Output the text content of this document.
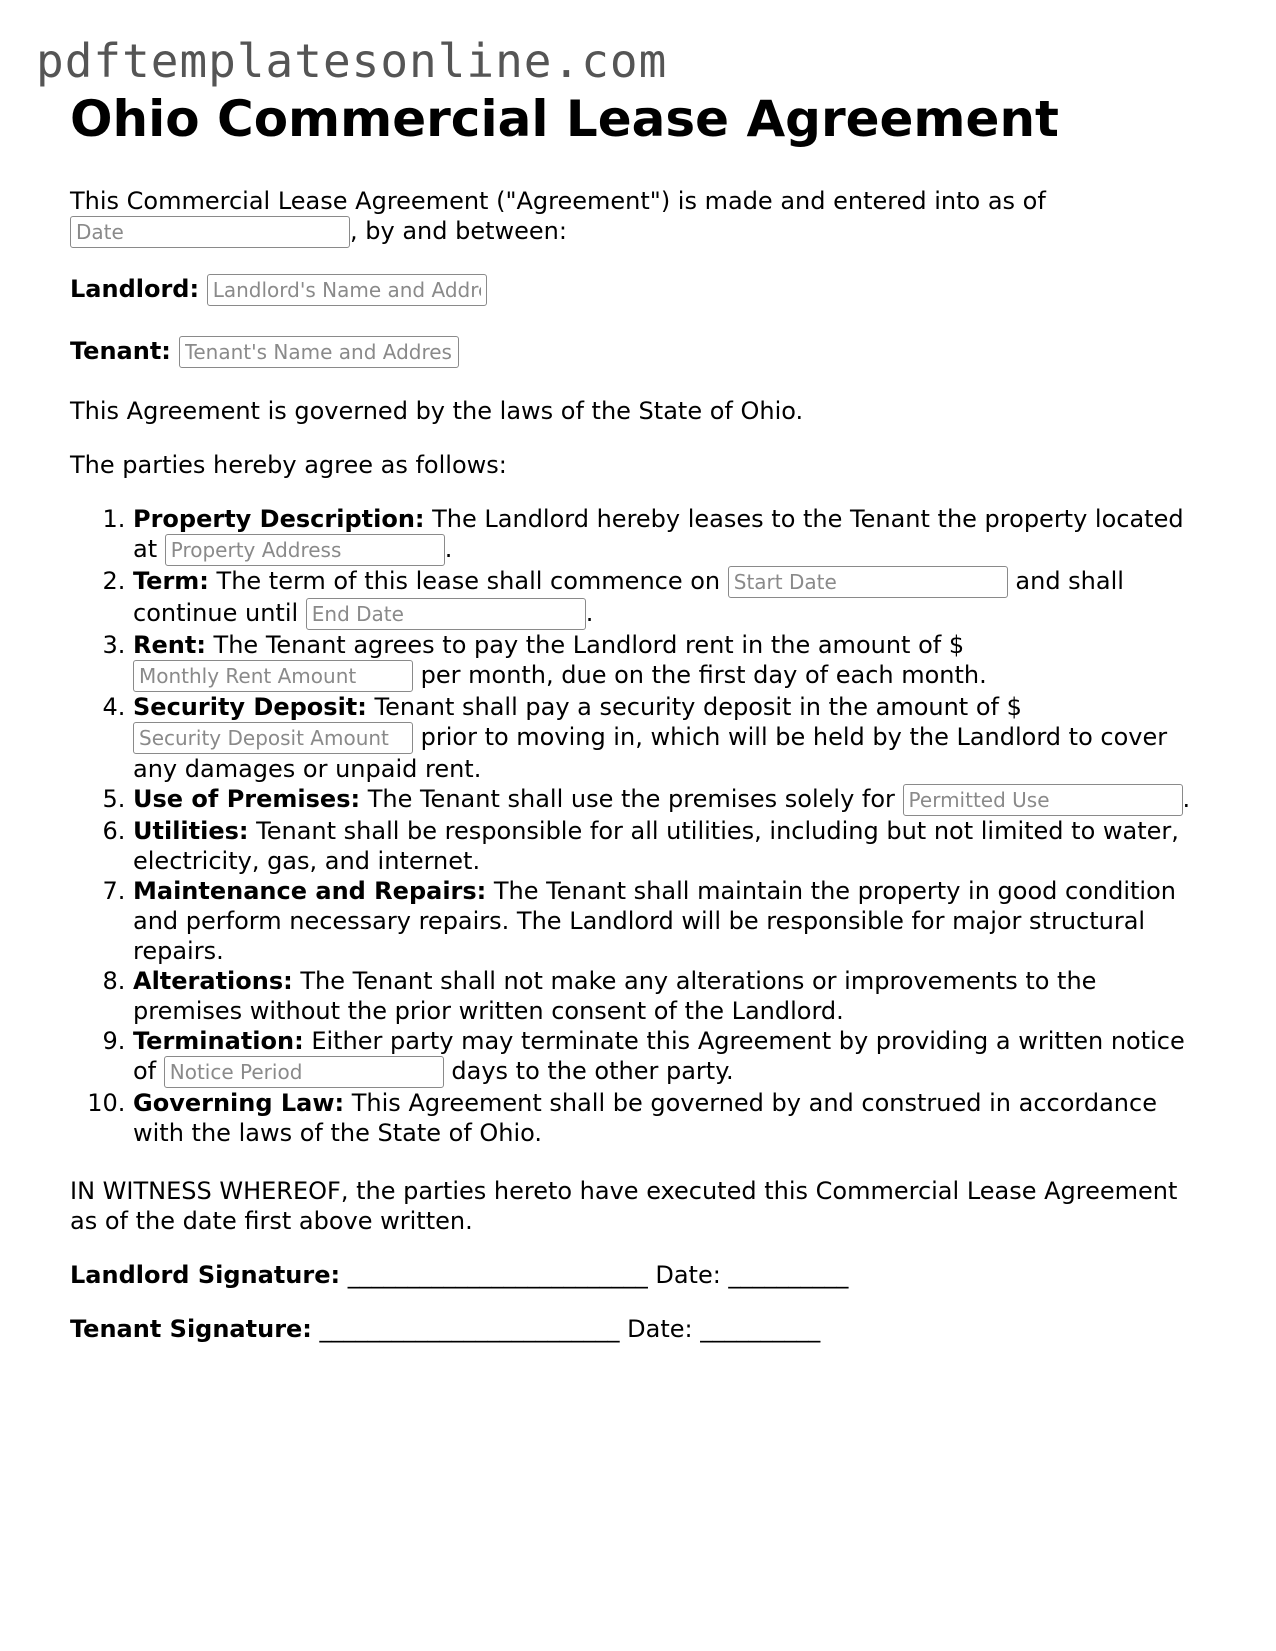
pdftemplatesonline.com
Ohio Commercial Lease Agreement

This Commercial Lease Agreement ("Agreement") is made and entered into as of
Date, by and between:

Landlord: Landlord's Name and Address
Tenant: Tenant's Name and Address

This Agreement is governed by the laws of the State of Ohio.

The parties hereby agree as follows:

1. Property Description: The Landlord hereby leases to the Tenant the property located at Property Address	.
2. Term: The term of this lease shall commence on Start Date	and shall continue until End Date	.
3. Rent: The Tenant agrees to pay the Landlord rent in the amount of $ Monthly Rent Amount per month, due on the first day of each month.
4. Security Deposit: Tenant shall pay a security deposit in the amount of $ Security Deposit Amount prior to moving in, which will be held by the Landlord to cover any damages or unpaid rent.
5. Use of Premises: The Tenant shall use the premises solely for Permitted Use	.
6. Utilities: Tenant shall be responsible for all utilities, including but not limited to water, electricity, gas, and internet.
7. Maintenance and Repairs: The Tenant shall maintain the property in good condition and perform necessary repairs. The Landlord will be responsible for major structural repairs.
8. Alterations: The Tenant shall not make any alterations or improvements to the premises without the prior written consent of the Landlord.
9. Termination: Either party may terminate this Agreement by providing a written notice of Notice Period	days to the other party.
10. Governing Law: This Agreement shall be governed by and construed in accordance with the laws of the State of Ohio.

IN WITNESS WHEREOF, the parties hereto have executed this Commercial Lease Agreement as of the date first above written.

Landlord Signature: _________________________ Date: __________
Tenant Signature: _________________________ Date: __________
